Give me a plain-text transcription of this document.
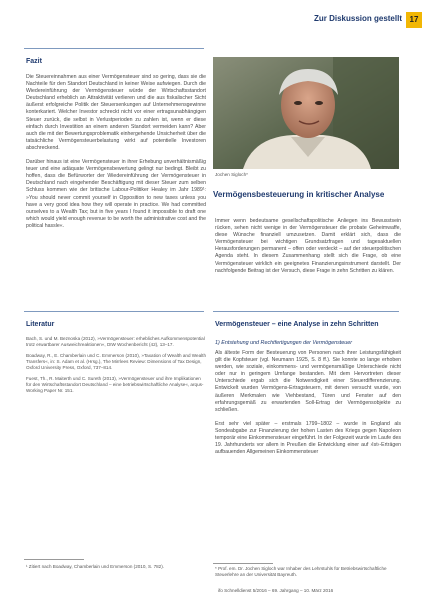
Zur Diskussion gestellt 17
Fazit

Die Steuereinnahmen aus einer Vermögensteuer sind so gering, dass sie die Nachteile für den Standort Deutschland in keiner Weise aufwiegen. Durch die Wiedereinführung der Vermögensteuer würde der Wirtschaftsstandort Deutschland erheblich an Attraktivität verlieren und die aus fiskalischer Sicht äußerst erfolgreiche Politik der Steuersenkungen auf Unternehmensgewinne konterkariert. Welcher Investor schreckt nicht vor einer ertragsunabhängigen Steuer zurück, die selbst in Verlustperioden zu zahlen ist, wenn er diese einfach durch Investition an einem anderen Standort vermeiden kann? Aber auch die mit der Bewertungsproblematik einhergehende Unsicherheit über die tatsächliche Vermögensteuerbelastung wirkt auf potentielle Investoren abschreckend.

Darüber hinaus ist eine Vermögensteuer in ihrer Erhebung unverhältnismäßig teuer und eine adäquate Vermögensbewertung gelingt nur bedingt. Bleibt zu hoffen, dass die Befürworter der Wiedereinführung der Vermögensteuer in Deutschland nach eingehender Beschäftigung mit dieser Steuer zum selben Schluss kommen wie der britische Labour-Politiker Healey im Jahr 1989¹: »You should never commit yourself in Opposition to new taxes unless you have a very good idea how they will operate in practice. We had committed ourselves to a Wealth Tax; but in five years I found it impossible to draft one which would yield enough revenue to be worth the administrative cost and the political hassle«.

Jochen Sigloch*
Vermögensbesteuerung in kritischer Analyse
Immer wenn bedeutsame gesellschaftspolitische Anliegen ins Bewusstsein rücken, sehen nicht wenige in der Vermögensteuer die probate Geheimwaffe, diese Wünsche finanziell umzusetzen. Damit erklärt sich, dass die Vermögensteuer bei wichtigen Grundsatzfragen und tagesaktuellen Herausforderungen permanent – offen oder verdeckt – auf der steuerpolitischen Agenda steht. In diesem Zusammenhang stellt sich die Frage, ob eine Vermögensteuer wirklich ein geeignetes Finanzierungsinstrument darstellt. Der nachfolgende Beitrag ist der Versuch, diese Frage in zehn Schritten zu klären.
Literatur

Bach, S. und M. Beznoska (2012), »Vermögensteuer: erhebliches Aufkommenspotential trotz erwartbarer Ausweichreaktionen«, DIW Wochenbericht (42), 13–17.

Boadway, R., E. Chamberlain und C. Emmerson (2010), »Taxation of Wealth and Wealth Transfers«, in: S. Adam et al. (Hrsg.), The Mirrlees Review: Dimensions of Tax Design, Oxford University Press, Oxford, 737–814.

Fuest, Th., R. Maiterth und C. Sureth (2013), »Vermögensteuer und ihre Implikationen für den Wirtschaftsstandort Deutschland – eine betriebswirtschaftliche Analyse«, arqus-Working Paper Nr. 151.

¹ Zitiert nach Boadway, Chamberlain und Emmerson (2010, S. 782).
Vermögensteuer – eine Analyse in zehn Schritten
1) Entstehung und Rechtfertigungen der Vermögensteuer

Als älteste Form der Besteuerung von Personen nach ihrer Leistungsfähigkeit gilt die Kopfsteuer (vgl. Neumann 1925, S. 8 ff.). Sie konnte so lange erhoben werden, wie soziale, einkommens- und vermögensmäßige Unterschiede nicht oder nur in geringem Umfange bestanden. Mit dem Hervortreten dieser Unterschiede ergab sich die Notwendigkeit einer Steuerdifferenzierung. Entwickelt wurden Vermögens-Ertragsteuern, mit denen versucht wurde, von äußeren Merkmalen wie Viehbestand, Türen und Fenster auf den erfahrungsgemäß zu erwartenden Soll-Ertrag der Vermögensobjekte zu schließen.

Erst sehr viel später – erstmals 1799–1802 – wurde in England als Sondeabgabe zur Finanzierung der hohen Lasten des Kriegs gegen Napoleon temporär eine Einkommensteuer eingeführt. In der Folgezeit wurde im Laufe des 19. Jahrhunderts vor allem in Preußen die Entwicklung einer auf ›Ist‹-Erträgen aufbauenden Allgemeinen Einkommensteuer

* Prof. em. Dr. Jochen Sigloch war Inhaber des Lehrstuhls für Betriebswirtschaftliche Steuerlehre an der Universität Bayreuth.
ifo Schnelldienst 5/2016 – 69. Jahrgang – 10. März 2016
